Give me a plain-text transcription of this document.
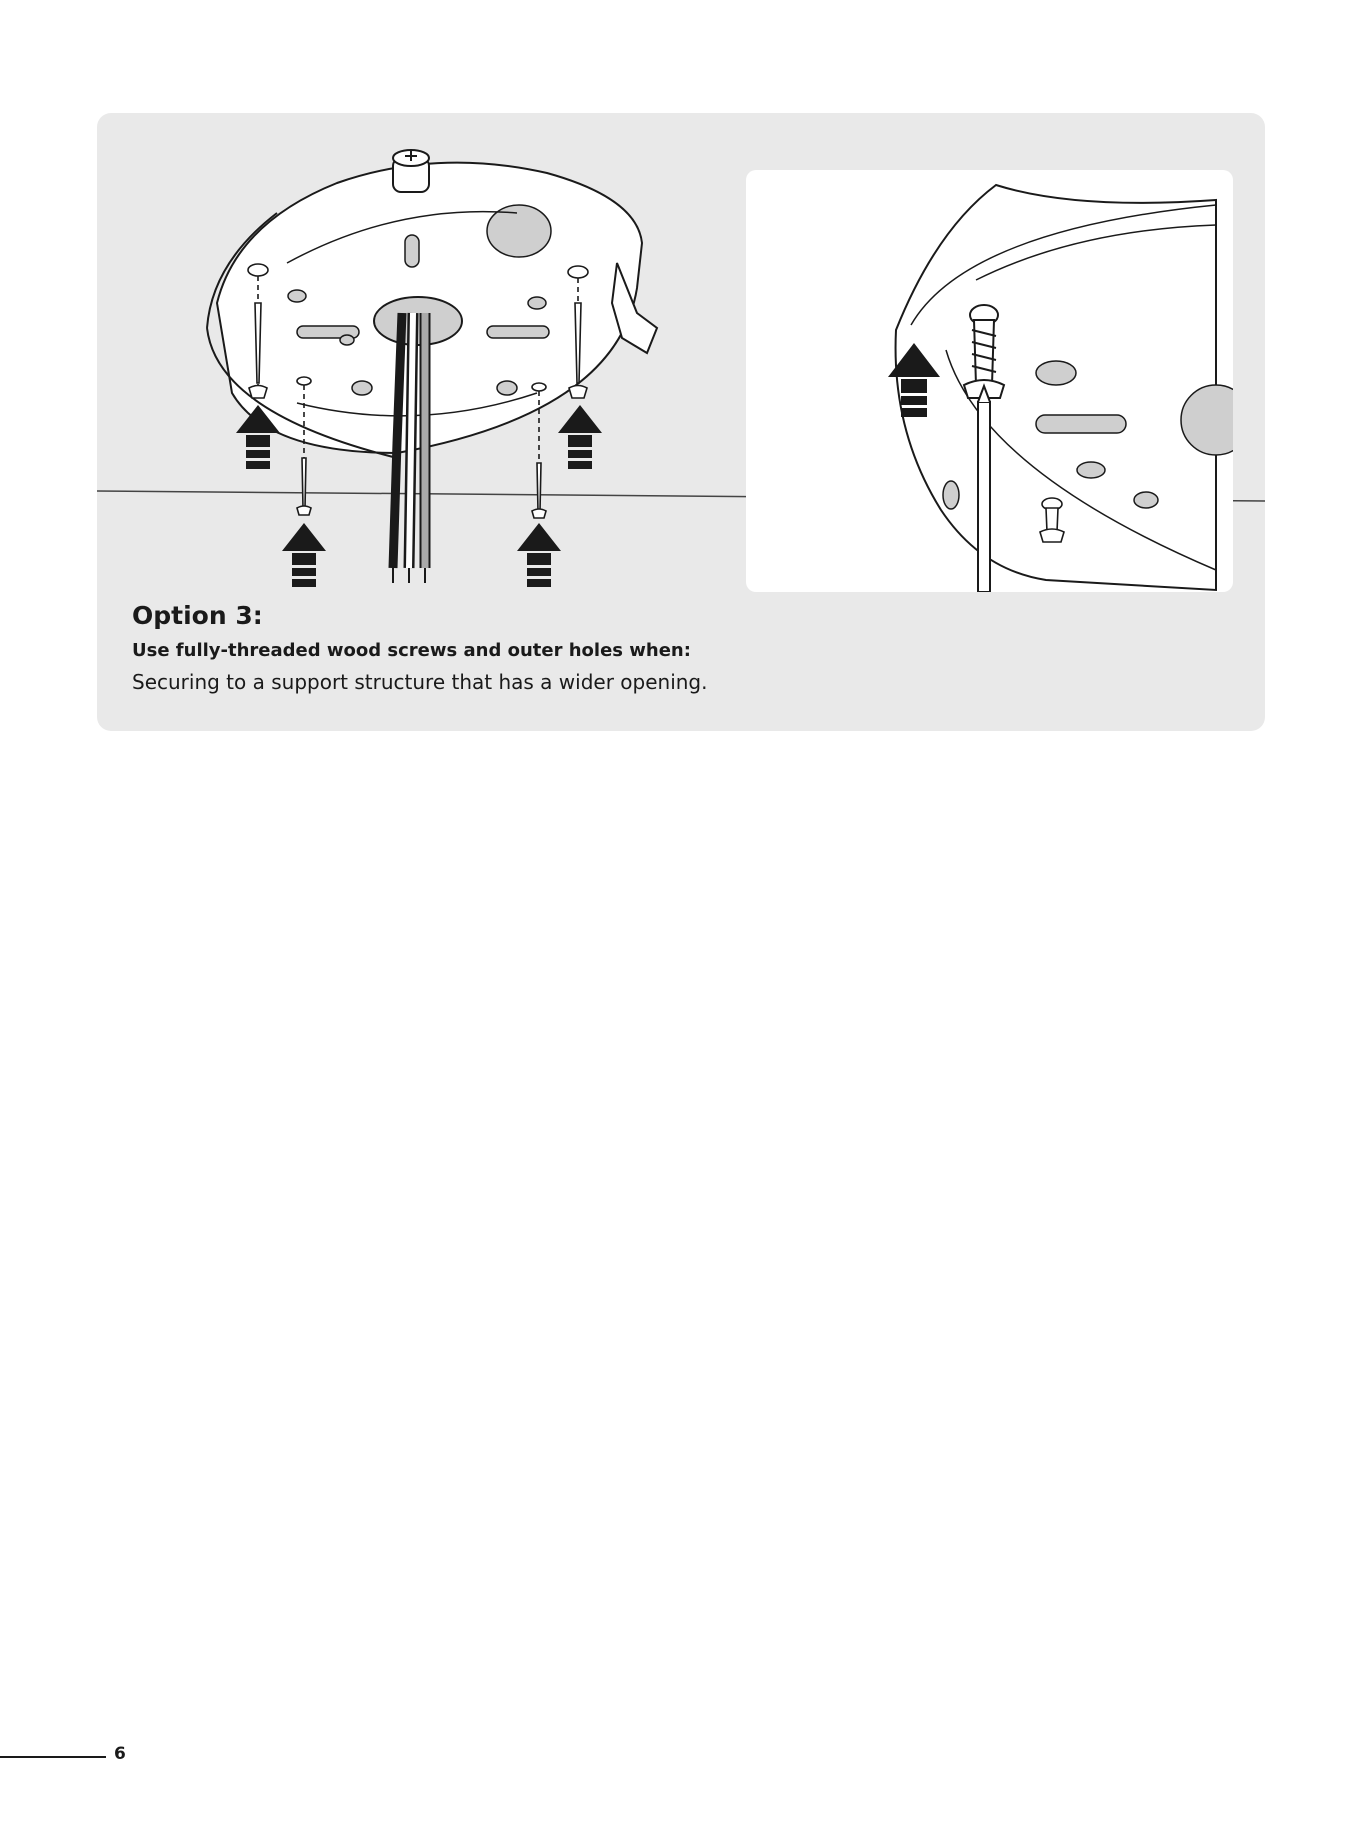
Option 3:

Use fully-threaded wood screws and outer holes when:

Securing to a support structure that has a wider opening.

6
